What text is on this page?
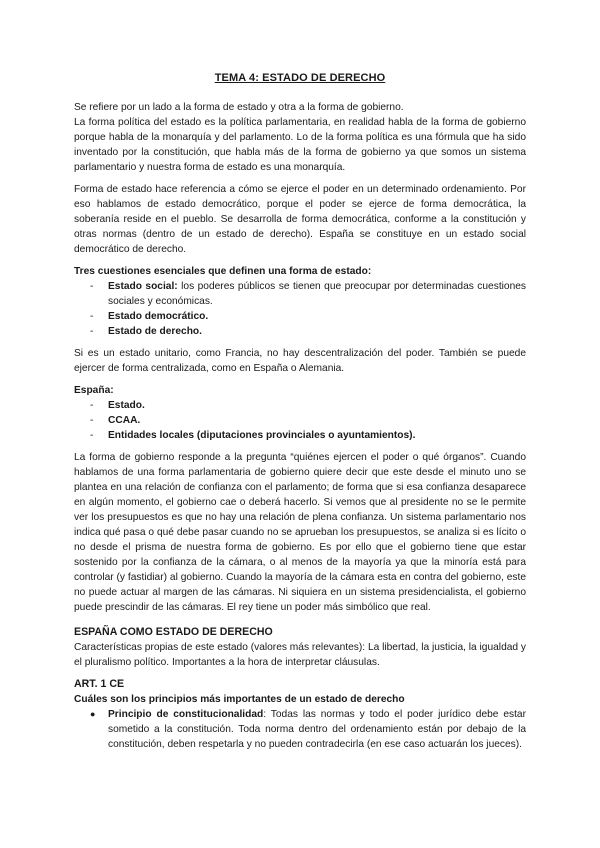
TEMA 4: ESTADO DE DERECHO

Se refiere por un lado a la forma de estado y otra a la forma de gobierno.

La forma política del estado es la política parlamentaria, en realidad habla de la forma de gobierno porque habla de la monarquía y del parlamento. Lo de la forma política es una fórmula que ha sido inventado por la constitución, que habla más de la forma de gobierno ya que somos un sistema parlamentario y nuestra forma de estado es una monarquía.

Forma de estado hace referencia a cómo se ejerce el poder en un determinado ordenamiento. Por eso hablamos de estado democrático, porque el poder se ejerce de forma democrática, la soberanía reside en el pueblo. Se desarrolla de forma democrática, conforme a la constitución y otras normas (dentro de un estado de derecho). España se constituye en un estado social democrático de derecho.

Tres cuestiones esenciales que definen una forma de estado:

- Estado social: los poderes públicos se tienen que preocupar por determinadas cuestiones sociales y económicas.
- Estado democrático.
- Estado de derecho.

Si es un estado unitario, como Francia, no hay descentralización del poder. También se puede ejercer de forma centralizada, como en España o Alemania.

España:

- Estado.
- CCAA.
- Entidades locales (diputaciones provinciales o ayuntamientos).

La forma de gobierno responde a la pregunta “quiénes ejercen el poder o qué órganos”. Cuando hablamos de una forma parlamentaria de gobierno quiere decir que este desde el minuto uno se plantea en una relación de confianza con el parlamento; de forma que si esa confianza desaparece en algún momento, el gobierno cae o deberá hacerlo. Si vemos que al presidente no se le permite ver los presupuestos es que no hay una relación de plena confianza. Un sistema parlamentario nos indica qué pasa o qué debe pasar cuando no se aprueban los presupuestos, se analiza si es lícito o no desde el prisma de nuestra forma de gobierno. Es por ello que el gobierno tiene que estar sostenido por la confianza de la cámara, o al menos de la mayoría ya que la minoría está para controlar (y fastidiar) al gobierno. Cuando la mayoría de la cámara esta en contra del gobierno, este no puede actuar al margen de las cámaras. Ni siquiera en un sistema presidencialista, el gobierno puede prescindir de las cámaras. El rey tiene un poder más simbólico que real.

ESPAÑA COMO ESTADO DE DERECHO

Características propias de este estado (valores más relevantes): La libertad, la justicia, la igualdad y el pluralismo político. Importantes a la hora de interpretar cláusulas.

ART. 1 CE

Cuáles son los principios más importantes de un estado de derecho

● Principio de constitucionalidad: Todas las normas y todo el poder jurídico debe estar sometido a la constitución. Toda norma dentro del ordenamiento están por debajo de la constitución, deben respetarla y no pueden contradecirla (en ese caso actuarán los jueces).
